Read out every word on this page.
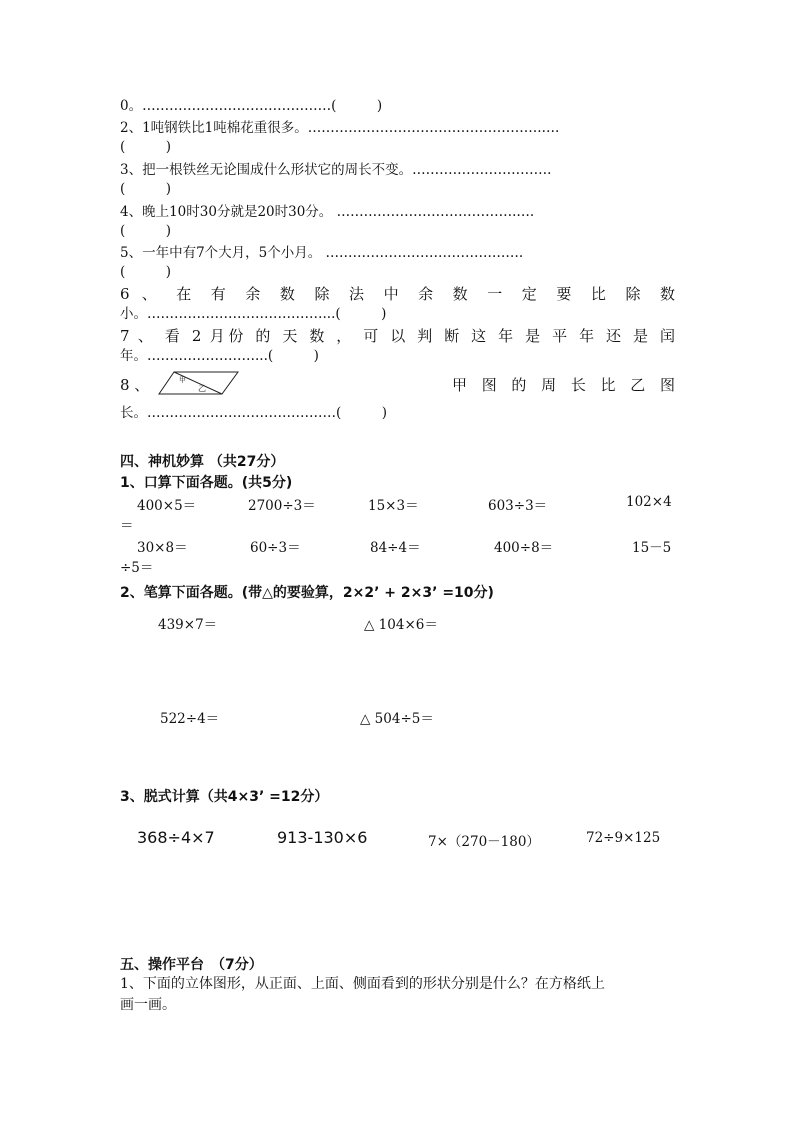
0。……………………………………(　　　)
2、1吨钢铁比1吨棉花重很多。…………………………………………….….
(　　　)
3、把一根铁丝无论围成什么形状它的周长不变。………………………….
(　　　)
4、晚上10时30分就是20时30分。 ………………………………….….
(　　　)
5、一年中有7个大月，5个小月。 ……………………………….…….
(　　　)
6 、 在 有 余 数 除 法 中 余 数 一 定 要 比 除 数
小。…………………………………...(　　　)
7 、 看 2 月份 的 天 数 ， 可 以 判 断 这 年 是 平 年 还 是 闰
年。……………………...(　　　)
8 、	甲
乙	甲 图 的 周 长 比 乙 图
长。……………………………………(　　　)
四、神机妙算 （共27分）
1、口算下面各题。(共5分)
400×5＝	2700÷3＝	15×3＝	603÷3＝	102×4
＝
30×8＝	60÷3＝	84÷4＝	400÷8＝	15－5
÷5＝
2、笔算下面各题。(带△的要验算，2×2’ + 2×3’ =10分)
439×7＝	△ 104×6＝
522÷4＝	△ 504÷5＝
3、脱式计算（共4×3’ =12分）
368÷4×7	913-130×6	7×（270－180）	72÷9×125
五、操作平台　（7分）
1、下面的立体图形，从正面、上面、侧面看到的形状分别是什么？在方格纸上
画一画。
